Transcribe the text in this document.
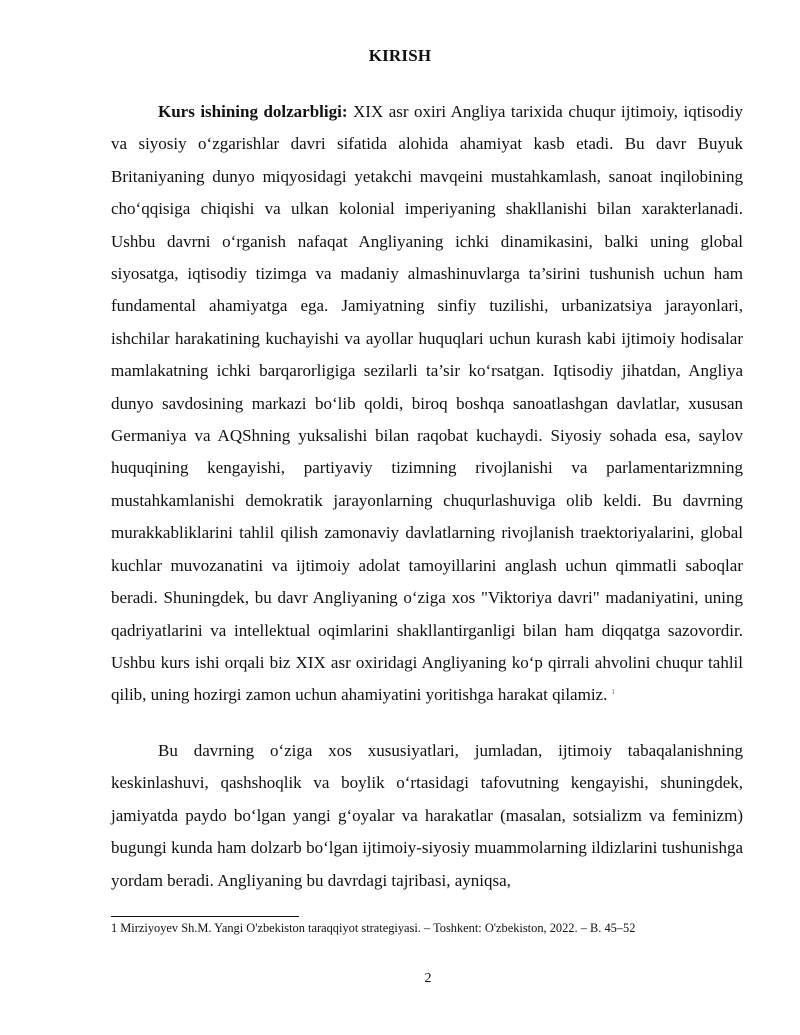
KIRISH

Kurs ishining dolzarbligi: XIX asr oxiri Angliya tarixida chuqur ijtimoiy, iqtisodiy va siyosiy o‘zgarishlar davri sifatida alohida ahamiyat kasb etadi. Bu davr Buyuk Britaniyaning dunyo miqyosidagi yetakchi mavqeini mustahkamlash, sanoat inqilobining cho‘qqisiga chiqishi va ulkan kolonial imperiyaning shakllanishi bilan xarakterlanadi. Ushbu davrni o‘rganish nafaqat Angliyaning ichki dinamikasini, balki uning global siyosatga, iqtisodiy tizimga va madaniy almashinuvlarga ta’sirini tushunish uchun ham fundamental ahamiyatga ega. Jamiyatning sinfiy tuzilishi, urbanizatsiya jarayonlari, ishchilar harakatining kuchayishi va ayollar huquqlari uchun kurash kabi ijtimoiy hodisalar mamlakatning ichki barqarorligiga sezilarli ta’sir ko‘rsatgan. Iqtisodiy jihatdan, Angliya dunyo savdosining markazi bo‘lib qoldi, biroq boshqa sanoatlashgan davlatlar, xususan Germaniya va AQShning yuksalishi bilan raqobat kuchaydi. Siyosiy sohada esa, saylov huquqining kengayishi, partiyaviy tizimning rivojlanishi va parlamentarizmning mustahkamlanishi demokratik jarayonlarning chuqurlashuviga olib keldi. Bu davrning murakkabliklarini tahlil qilish zamonaviy davlatlarning rivojlanish traektoriyalarini, global kuchlar muvozanatini va ijtimoiy adolat tamoyillarini anglash uchun qimmatli saboqlar beradi. Shuningdek, bu davr Angliyaning o‘ziga xos "Viktoriya davri" madaniyatini, uning qadriyatlarini va intellektual oqimlarini shakllantirganligi bilan ham diqqatga sazovordir. Ushbu kurs ishi orqali biz XIX asr oxiridagi Angliyaning ko‘p qirrali ahvolini chuqur tahlil qilib, uning hozirgi zamon uchun ahamiyatini yoritishga harakat qilamiz. $^1$

Bu davrning o‘ziga xos xususiyatlari, jumladan, ijtimoiy tabaqalanishning keskinlashuvi, qashshoqlik va boylik o‘rtasidagi tafovutning kengayishi, shuningdek, jamiyatda paydo bo‘lgan yangi g‘oyalar va harakatlar (masalan, sotsializm va feminizm) bugungi kunda ham dolzarb bo‘lgan ijtimoiy-siyosiy muammolarning ildizlarini tushunishga yordam beradi. Angliyaning bu davrdagi tajribasi, ayniqsa,

1 Mirziyoyev Sh.M. Yangi O'zbekiston taraqqiyot strategiyasi. – Toshkent: O'zbekiston, 2022. – B. 45–52
2
